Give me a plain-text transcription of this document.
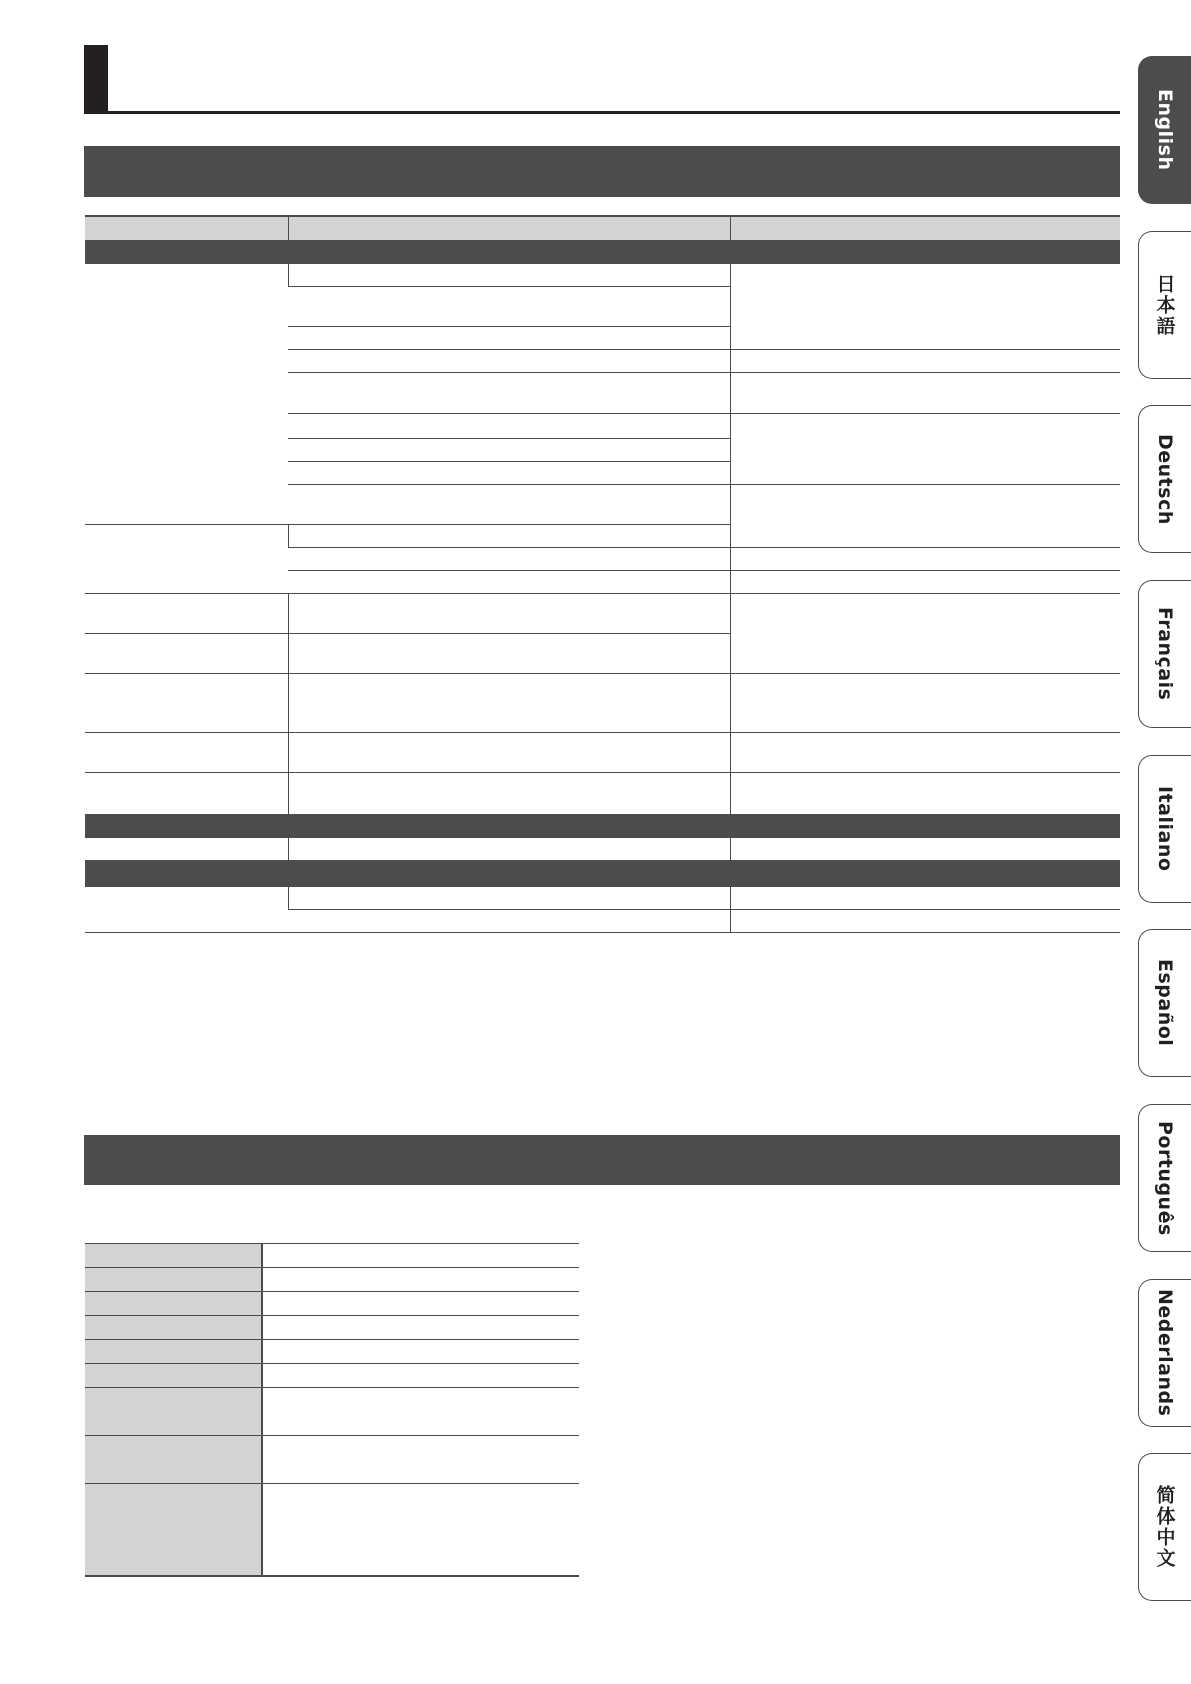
English
日本語
Deutsch
Français
Italiano
Español
Português
Nederlands
简体中文
